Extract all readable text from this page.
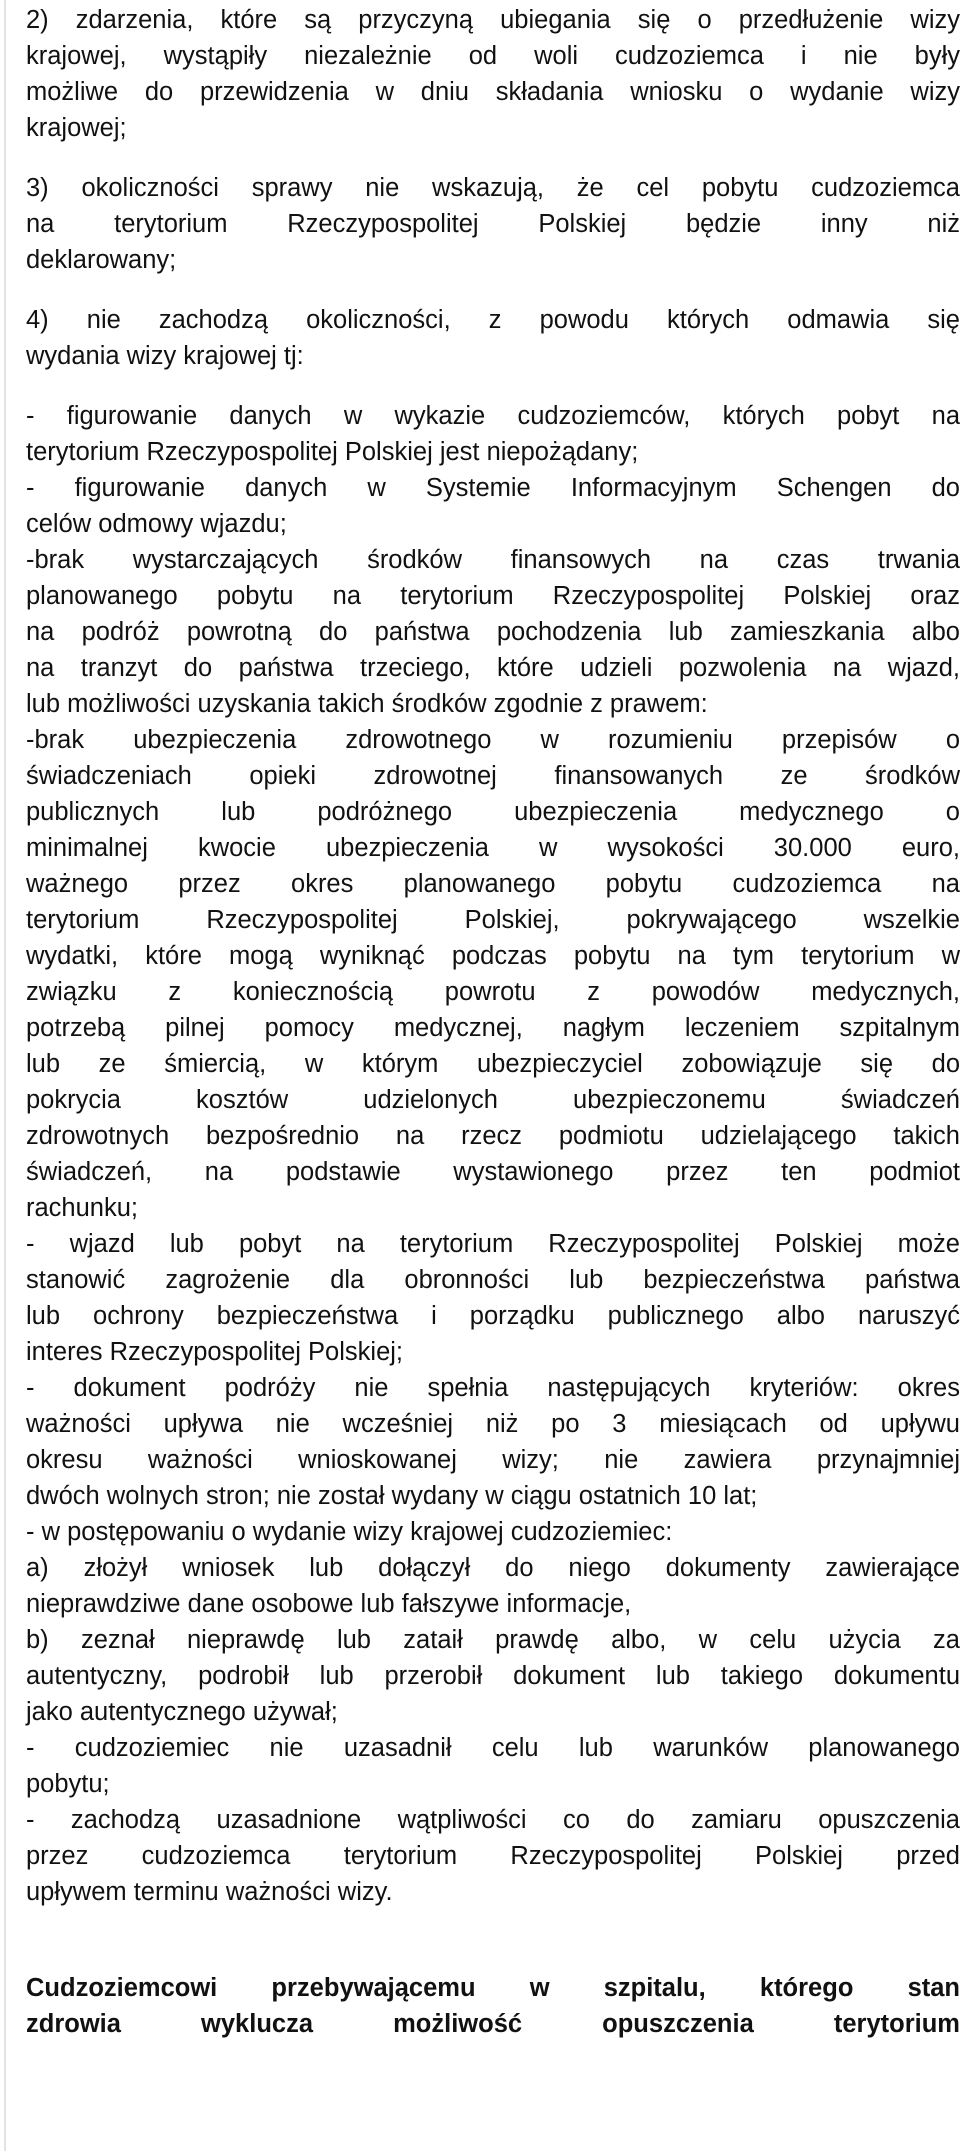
2) zdarzenia, które są przyczyną ubiegania się o przedłużenie wizy
krajowej, wystąpiły niezależnie od woli cudzoziemca i nie były
możliwe do przewidzenia w dniu składania wniosku o wydanie wizy
krajowej;
3) okoliczności sprawy nie wskazują, że cel pobytu cudzoziemca
na terytorium Rzeczypospolitej Polskiej będzie inny niż
deklarowany;
4) nie zachodzą okoliczności, z powodu których odmawia się
wydania wizy krajowej tj:
- figurowanie danych w wykazie cudzoziemców, których pobyt na
terytorium Rzeczypospolitej Polskiej jest niepożądany;
- figurowanie danych w Systemie Informacyjnym Schengen do
celów odmowy wjazdu;
-brak wystarczających środków finansowych na czas trwania
planowanego pobytu na terytorium Rzeczypospolitej Polskiej oraz
na podróż powrotną do państwa pochodzenia lub zamieszkania albo
na tranzyt do państwa trzeciego, które udzieli pozwolenia na wjazd,
lub możliwości uzyskania takich środków zgodnie z prawem:
-brak ubezpieczenia zdrowotnego w rozumieniu przepisów o
świadczeniach opieki zdrowotnej finansowanych ze środków
publicznych lub podróżnego ubezpieczenia medycznego o
minimalnej kwocie ubezpieczenia w wysokości 30.000 euro,
ważnego przez okres planowanego pobytu cudzoziemca na
terytorium Rzeczypospolitej Polskiej, pokrywającego wszelkie
wydatki, które mogą wyniknąć podczas pobytu na tym terytorium w
związku z koniecznością powrotu z powodów medycznych,
potrzebą pilnej pomocy medycznej, nagłym leczeniem szpitalnym
lub ze śmiercią, w którym ubezpieczyciel zobowiązuje się do
pokrycia kosztów udzielonych ubezpieczonemu świadczeń
zdrowotnych bezpośrednio na rzecz podmiotu udzielającego takich
świadczeń, na podstawie wystawionego przez ten podmiot
rachunku;
- wjazd lub pobyt na terytorium Rzeczypospolitej Polskiej może
stanowić zagrożenie dla obronności lub bezpieczeństwa państwa
lub ochrony bezpieczeństwa i porządku publicznego albo naruszyć
interes Rzeczypospolitej Polskiej;
- dokument podróży nie spełnia następujących kryteriów: okres
ważności upływa nie wcześniej niż po 3 miesiącach od upływu
okresu ważności wnioskowanej wizy; nie zawiera przynajmniej
dwóch wolnych stron; nie został wydany w ciągu ostatnich 10 lat;
- w postępowaniu o wydanie wizy krajowej cudzoziemiec:
a) złożył wniosek lub dołączył do niego dokumenty zawierające
nieprawdziwe dane osobowe lub fałszywe informacje,
b) zeznał nieprawdę lub zataił prawdę albo, w celu użycia za
autentyczny, podrobił lub przerobił dokument lub takiego dokumentu
jako autentycznego używał;
- cudzoziemiec nie uzasadnił celu lub warunków planowanego
pobytu;
- zachodzą uzasadnione wątpliwości co do zamiaru opuszczenia
przez cudzoziemca terytorium Rzeczypospolitej Polskiej przed
upływem terminu ważności wizy.
Cudzoziemcowi przebywającemu w szpitalu, którego stan
zdrowia wyklucza możliwość opuszczenia terytorium
